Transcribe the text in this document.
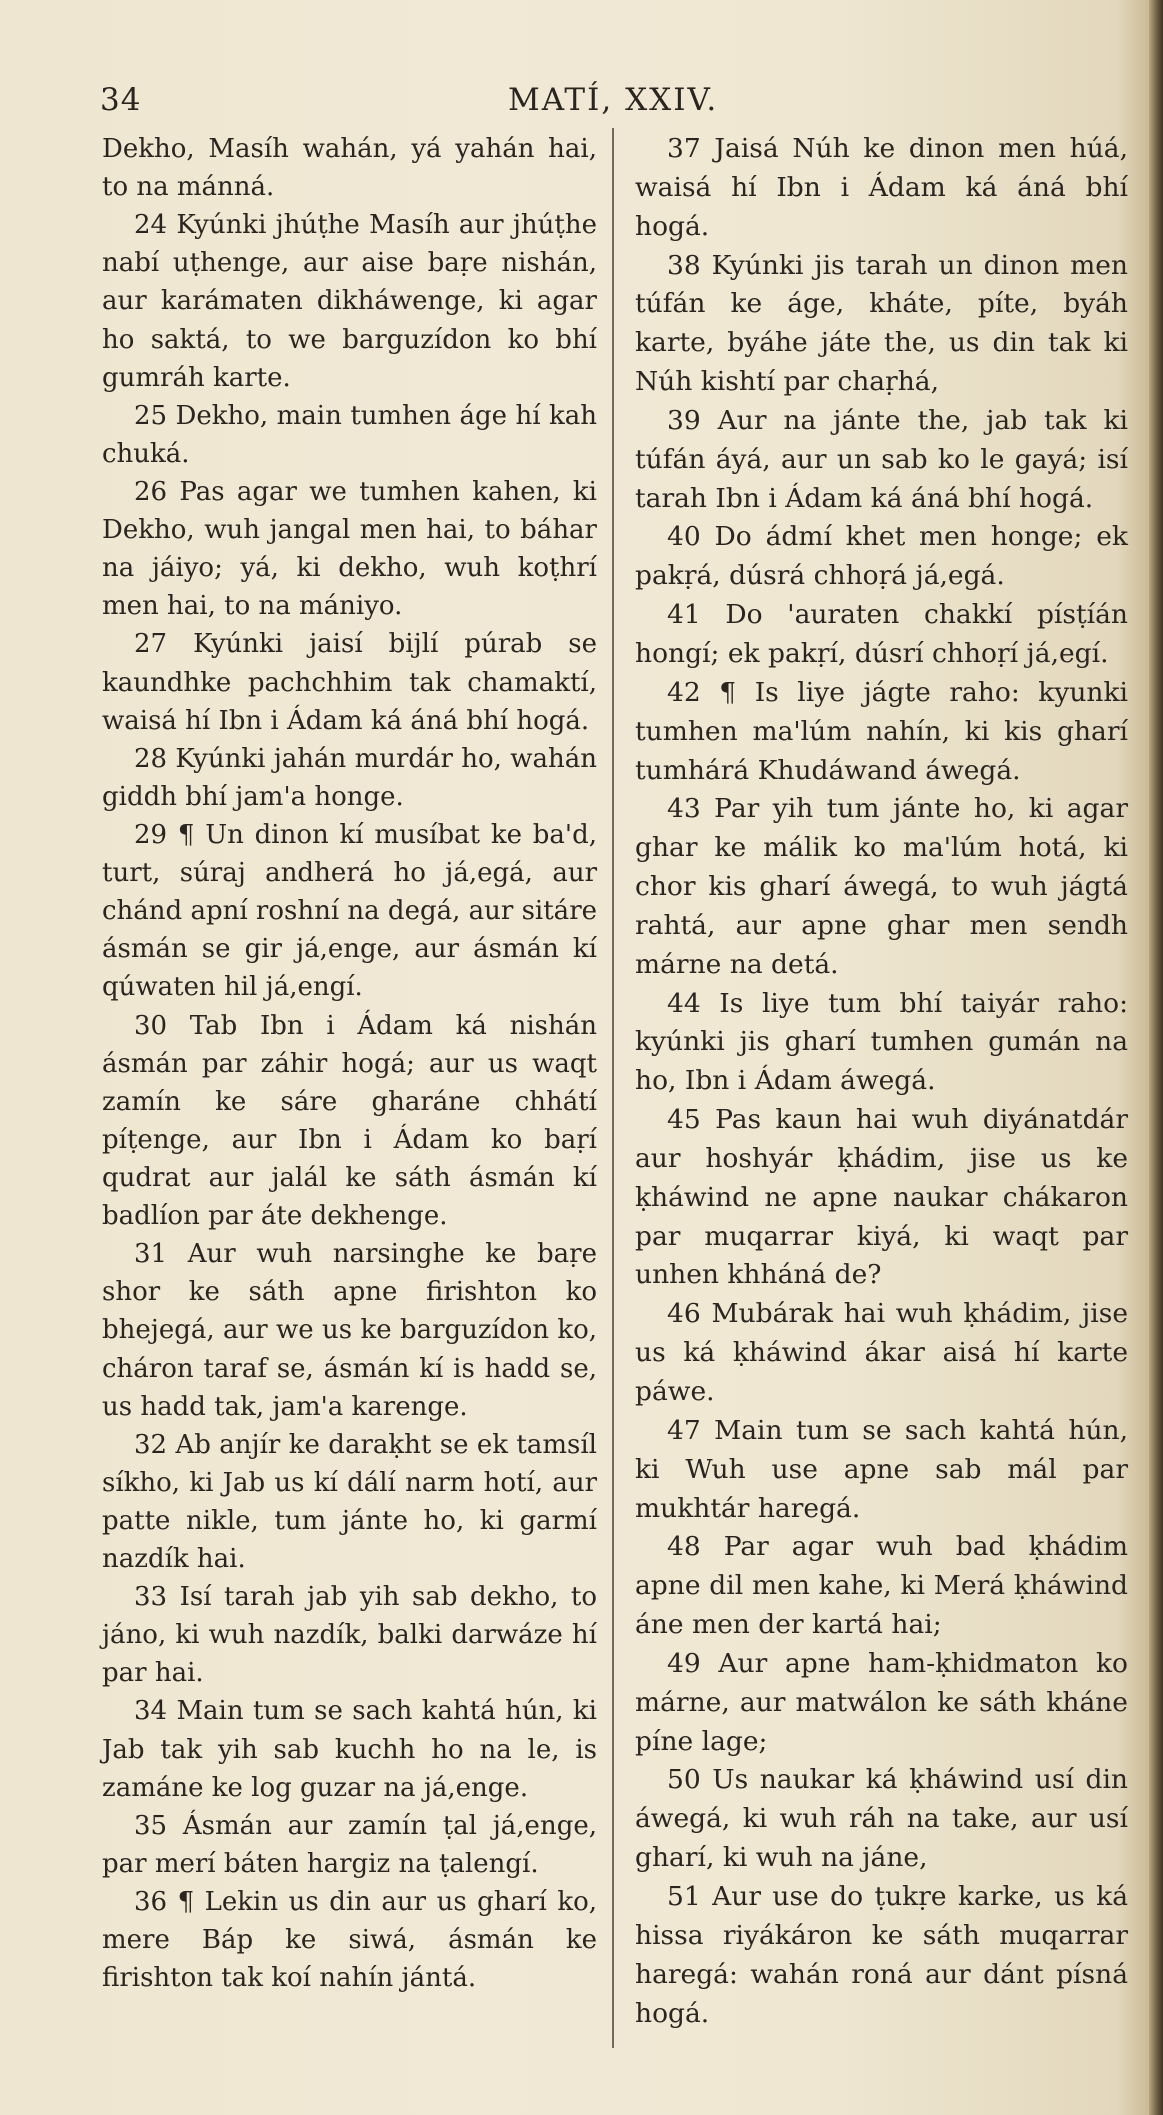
34	MATÍ, XXIV.

Dekho, Masíh wahán, yá yahán hai, to na mánná.

24 Kyúnki jhúṭhe Masíh aur jhúṭhe nabí uṭhenge, aur aise baṛe nishán, aur karámaten dikháwenge, ki agar ho saktá, to we barguzídon ko bhí gumráh karte.

25 Dekho, main tumhen áge hí kah chuká.

26 Pas agar we tumhen kahen, ki Dekho, wuh jangal men hai, to báhar na jáiyo; yá, ki dekho, wuh koṭhrí men hai, to na mániyo.

27 Kyúnki jaisí bijlí púrab se kaundhke pachchhim tak chamaktí, waisá hí Ibn i Ádam ká áná bhí hogá.

28 Kyúnki jahán murdár ho, wahán giddh bhí jam'a honge.

29 ¶ Un dinon kí musíbat ke ba'd, turt, súraj andherá ho já,egá, aur chánd apní roshní na degá, aur sitáre ásmán se gir já,enge, aur ásmán kí qúwaten hil já,engí.

30 Tab Ibn i Ádam ká nishán ásmán par záhir hogá; aur us waqt zamín ke sáre gharáne chhátí píṭenge, aur Ibn i Ádam ko baṛí qudrat aur jalál ke sáth ásmán kí badlíon par áte dekhenge.

31 Aur wuh narsinghe ke baṛe shor ke sáth apne firishton ko bhejegá, aur we us ke barguzídon ko, cháron taraf se, ásmán kí is hadd se, us hadd tak, jam'a karenge.

32 Ab anjír ke daraḳht se ek tamsíl síkho, ki Jab us kí dálí narm hotí, aur patte nikle, tum jánte ho, ki garmí nazdík hai.

33 Isí tarah jab yih sab dekho, to jáno, ki wuh nazdík, balki darwáze hí par hai.

34 Main tum se sach kahtá hún, ki Jab tak yih sab kuchh ho na le, is zamáne ke log guzar na já,enge.

35 Ásmán aur zamín ṭal já,enge, par merí báten hargiz na ṭalengí.

36 ¶ Lekin us din aur us gharí ko, mere Báp ke siwá, ásmán ke firishton tak koí nahín jántá.

37 Jaisá Núh ke dinon men húá, waisá hí Ibn i Ádam ká áná bhí hogá.

38 Kyúnki jis tarah un dinon men túfán ke áge, kháte, píte, byáh karte, byáhe játe the, us din tak ki Núh kishtí par chaṛhá,

39 Aur na jánte the, jab tak ki túfán áyá, aur un sab ko le gayá; isí tarah Ibn i Ádam ká áná bhí hogá.

40 Do ádmí khet men honge; ek pakṛá, dúsrá chhoṛá já,egá.

41 Do 'auraten chakkí písṭíán hongí; ek pakṛí, dúsrí chhoṛí já,egí.

42 ¶ Is liye jágte raho: kyunki tumhen ma'lúm nahín, ki kis gharí tumhárá Khudáwand áwegá.

43 Par yih tum jánte ho, ki agar ghar ke málik ko ma'lúm hotá, ki chor kis gharí áwegá, to wuh jágtá rahtá, aur apne ghar men sendh márne na detá.

44 Is liye tum bhí taiyár raho: kyúnki jis gharí tumhen gumán na ho, Ibn i Ádam áwegá.

45 Pas kaun hai wuh diyánatdár aur hoshyár ḳhádim, jise us ke ḳháwind ne apne naukar chákaron par muqarrar kiyá, ki waqt par unhen khháná de?

46 Mubárak hai wuh ḳhádim, jise us ká ḳháwind ákar aisá hí karte páwe.

47 Main tum se sach kahtá hún, ki Wuh use apne sab mál par mukhtár haregá.

48 Par agar wuh bad ḳhádim apne dil men kahe, ki Merá ḳháwind áne men der kartá hai;

49 Aur apne ham-ḳhidmaton ko márne, aur matwálon ke sáth kháne píne lage;

50 Us naukar ká ḳháwind usí din áwegá, ki wuh ráh na take, aur usí gharí, ki wuh na jáne,

51 Aur use do ṭukṛe karke, us ká hissa riyákáron ke sáth muqarrar haregá: wahán roná aur dánt písná hogá.
